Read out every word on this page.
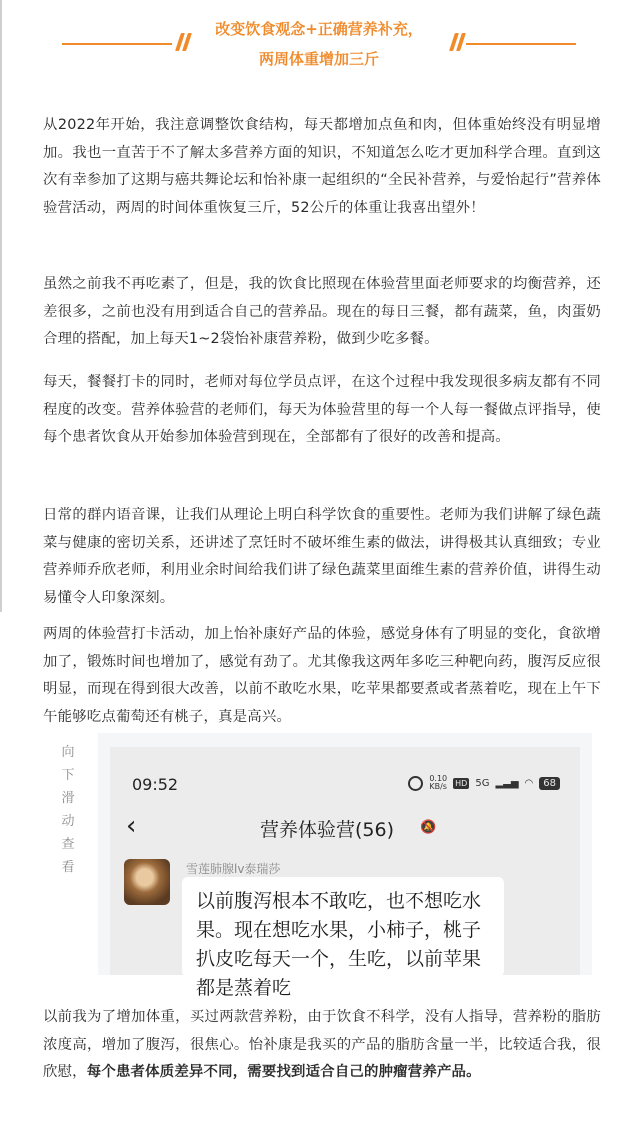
改变饮食观念+正确营养补充，
两周体重增加三斤
从2022年开始，我注意调整饮食结构，每天都增加点鱼和肉，但体重始终没有明显增加。我也一直苦于不了解太多营养方面的知识，不知道怎么吃才更加科学合理。直到这次有幸参加了这期与癌共舞论坛和怡补康一起组织的“全民补营养，与爱怡起行”营养体验营活动，两周的时间体重恢复三斤，52公斤的体重让我喜出望外！
虽然之前我不再吃素了，但是，我的饮食比照现在体验营里面老师要求的均衡营养，还差很多，之前也没有用到适合自己的营养品。现在的每日三餐，都有蔬菜，鱼，肉蛋奶合理的搭配，加上每天1~2袋怡补康营养粉，做到少吃多餐。
每天，餐餐打卡的同时，老师对每位学员点评，在这个过程中我发现很多病友都有不同程度的改变。营养体验营的老师们，每天为体验营里的每一个人每一餐做点评指导，使每个患者饮食从开始参加体验营到现在，全部都有了很好的改善和提高。
日常的群内语音课，让我们从理论上明白科学饮食的重要性。老师为我们讲解了绿色蔬菜与健康的密切关系，还讲述了烹饪时不破坏维生素的做法，讲得极其认真细致；专业营养师乔欣老师，利用业余时间给我们讲了绿色蔬菜里面维生素的营养价值，讲得生动易懂令人印象深刻。
两周的体验营打卡活动，加上怡补康好产品的体验，感觉身体有了明显的变化，食欲增加了，锻炼时间也增加了，感觉有劲了。尤其像我这两年多吃三种靶向药，腹泻反应很明显，而现在得到很大改善，以前不敢吃水果，吃苹果都要煮或者蒸着吃，现在上午下午能够吃点葡萄还有桃子，真是高兴。
向
下
滑
动
查
看
09:52	0.10
KB/s HD 5G ▂▃▅ ◠	68
‹	营养体验营(56) 🔕
雪莲肺腺lv泰瑞莎
以前腹泻根本不敢吃，也不想吃水果。现在想吃水果，小柿子，桃子扒皮吃每天一个，生吃，以前苹果都是蒸着吃
以前我为了增加体重，买过两款营养粉，由于饮食不科学，没有人指导，营养粉的脂肪浓度高，增加了腹泻，很焦心。怡补康是我买的产品的脂肪含量一半，比较适合我，很欣慰，每个患者体质差异不同，需要找到适合自己的肿瘤营养产品。
